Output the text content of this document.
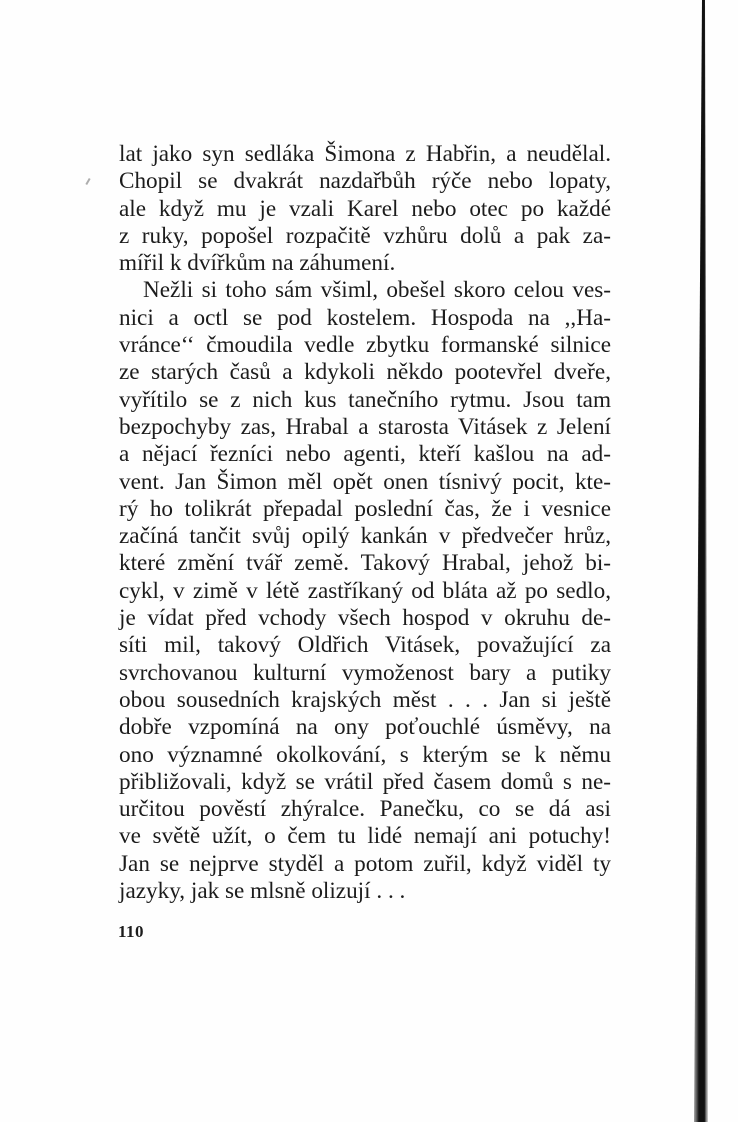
lat jako syn sedláka Šimona z Habřin, a neudělal.
Chopil se dvakrát nazdařbůh rýče nebo lopaty,
ale když mu je vzali Karel nebo otec po každé
z ruky, popošel rozpačitě vzhůru dolů a pak za-
mířil k dvířkům na záhumení.
Nežli si toho sám všiml, obešel skoro celou ves-
nici a octl se pod kostelem. Hospoda na ,,Ha-
vránce‘‘ čmoudila vedle zbytku formanské silnice
ze starých časů a kdykoli někdo pootevřel dveře,
vyřítilo se z nich kus tanečního rytmu. Jsou tam
bezpochyby zas, Hrabal a starosta Vitásek z Jelení
a nějací řezníci nebo agenti, kteří kašlou na ad-
vent. Jan Šimon měl opět onen tísnivý pocit, kte-
rý ho tolikrát přepadal poslední čas, že i vesnice
začíná tančit svůj opilý kankán v předvečer hrůz,
které změní tvář země. Takový Hrabal, jehož bi-
cykl, v zimě v létě zastříkaný od bláta až po sedlo,
je vídat před vchody všech hospod v okruhu de-
síti mil, takový Oldřich Vitásek, považující za
svrchovanou kulturní vymoženost bary a putiky
obou sousedních krajských měst . . . Jan si ještě
dobře vzpomíná na ony poťouchlé úsměvy, na
ono významné okolkování, s kterým se k němu
přibližovali, když se vrátil před časem domů s ne-
určitou pověstí zhýralce. Panečku, co se dá asi
ve světě užít, o čem tu lidé nemají ani potuchy!
Jan se nejprve styděl a potom zuřil, když viděl ty
jazyky, jak se mlsně olizují . . .
110
